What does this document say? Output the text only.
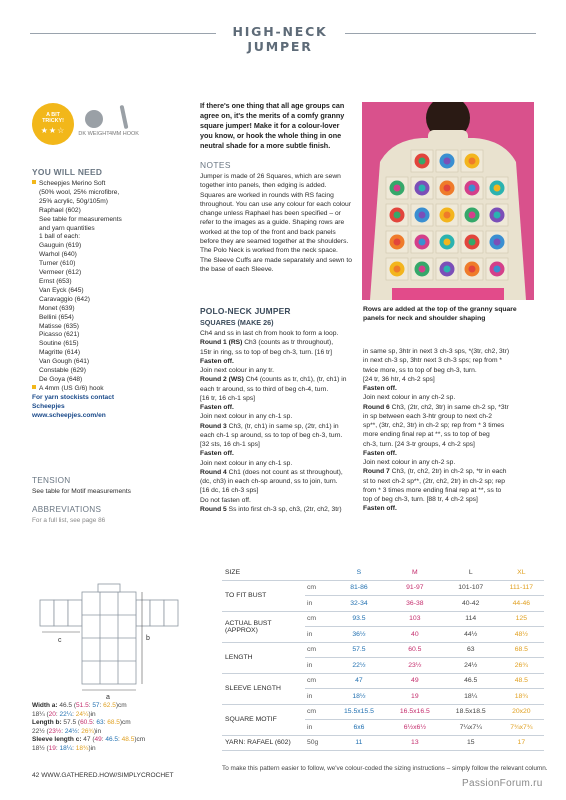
HIGH-NECK JUMPER
A BIT
TRICKY!
★★☆	DK WEIGHT 4MM HOOK
YOU WILL NEED
Scheepjes Merino Soft
(50% wool, 25% microfibre,
25% acrylic, 50g/105m)
Raphael (602)
See table for measurements
and yarn quantities
1 ball of each:
Gauguin (619)
Warhol (640)
Turner (610)
Vermeer (612)
Ernst (653)
Van Eyck (645)
Caravaggio (642)
Monet (639)
Bellini (654)
Matisse (635)
Picasso (621)
Soutine (615)
Magritte (614)
Van Gough (641)
Constable (629)
De Goya (648)
A 4mm (US G/6) hook
For yarn stockists contact
Scheepjes
www.scheepjes.com/en
TENSION
See table for Motif measurements
ABBREVIATIONS
For a full list, see page 86
If there's one thing that all age groups can agree on, it's the merits of a comfy granny square jumper! Make it for a colour-lover you know, or hook the whole thing in one neutral shade for a more subtle finish.
NOTES

Jumper is made of 26 Squares, which are sewn together into panels, then edging is added. Squares are worked in rounds with RS facing throughout. You can use any colour for each colour change unless Raphael has been specified – or refer to the images as a guide. Shaping rows are worked at the top of the front and back panels before they are seamed together at the shoulders.

The Polo Neck is worked from the neck space.

The Sleeve Cuffs are made separately and sewn to the base of each Sleeve.

Rows are added at the top of the granny square panels for neck and shoulder shaping
POLO-NECK JUMPER
SQUARES (MAKE 26)
Ch4 and ss in last ch from hook to form a loop.
Round 1 (RS) Ch3 (counts as tr throughout),
15tr in ring, ss to top of beg ch-3, turn. [16 tr]
Fasten off.
Join next colour in any tr.
Round 2 (WS) Ch4 (counts as tr, ch1), (tr, ch1) in
each tr around, ss to third of beg ch-4, turn.
[16 tr, 16 ch-1 sps]
Fasten off.
Join next colour in any ch-1 sp.
Round 3 Ch3, (tr, ch1) in same sp, (2tr, ch1) in
each ch-1 sp around, ss to top of beg ch-3, turn.
[32 sts, 16 ch-1 sps]
Fasten off.
Join next colour in any ch-1 sp.
Round 4 Ch1 (does not count as st throughout),
(dc, ch3) in each ch-sp around, ss to join, turn.
[16 dc, 16 ch-3 sps]
Do not fasten off.
Round 5 Ss into first ch-3 sp, ch3, (2tr, ch2, 3tr)
in same sp, 3htr in next 3 ch-3 sps, *(3tr, ch2, 3tr)
in next ch-3 sp, 3htr next 3 ch-3 sps; rep from *
twice more, ss to top of beg ch-3, turn.
[24 tr, 36 htr, 4 ch-2 sps]
Fasten off.
Join next colour in any ch-2 sp.
Round 6 Ch3, (2tr, ch2, 3tr) in same ch-2 sp, *3tr
in sp between each 3-htr group to next ch-2
sp**, (3tr, ch2, 3tr) in ch-2 sp; rep from * 3 times
more ending final rep at **, ss to top of beg
ch-3, turn. [24 3-tr groups, 4 ch-2 sps]
Fasten off.
Join next colour in any ch-2 sp.
Round 7 Ch3, (tr, ch2, 2tr) in ch-2 sp, *tr in each
st to next ch-2 sp**, (2tr, ch2, 2tr) in ch-2 sp; rep
from * 3 times more ending final rep at **, ss to
top of beg ch-3, turn. [88 tr, 4 ch-2 sps]
Fasten off.
SIZE		S	M	L	XL
TO FIT BUST	cm	81-86	91-97	101-107	111-117
	in	32-34	36-38	40-42	44-46
ACTUAL BUST (APPROX)	cm	93.5	103	114	125
	in	36½	40	44½	48½
LENGTH	cm	57.5	60.5	63	68.5
	in	22½	23½	24½	26¾
SLEEVE LENGTH	cm	47	49	46.5	48.5
	in	18½	19	18¼	18¾
SQUARE MOTIF	cm	15.5x15.5	16.5x16.5	18.5x18.5	20x20
	in	6x6	6½x6½	7¼x7¼	7¾x7¾
YARN: RAFAEL (602)	50g	11	13	15	17
To make this pattern easier to follow, we've colour-coded the sizing instructions – simply follow the relevant column.
a
b
c
Width a: 46.5 (51.5: 57: 62.5)cm
18¼ (20: 22¼: 24¼)in
Length b: 57.5 (60.5: 63: 68.5)cm
22½ (23½: 24½: 26¾)in
Sleeve length c: 47 (49: 46.5: 48.5)cm
18½ (19: 18¼: 18¾)in
42 WWW.GATHERED.HOW/SIMPLYCROCHET
PassionForum.ru
